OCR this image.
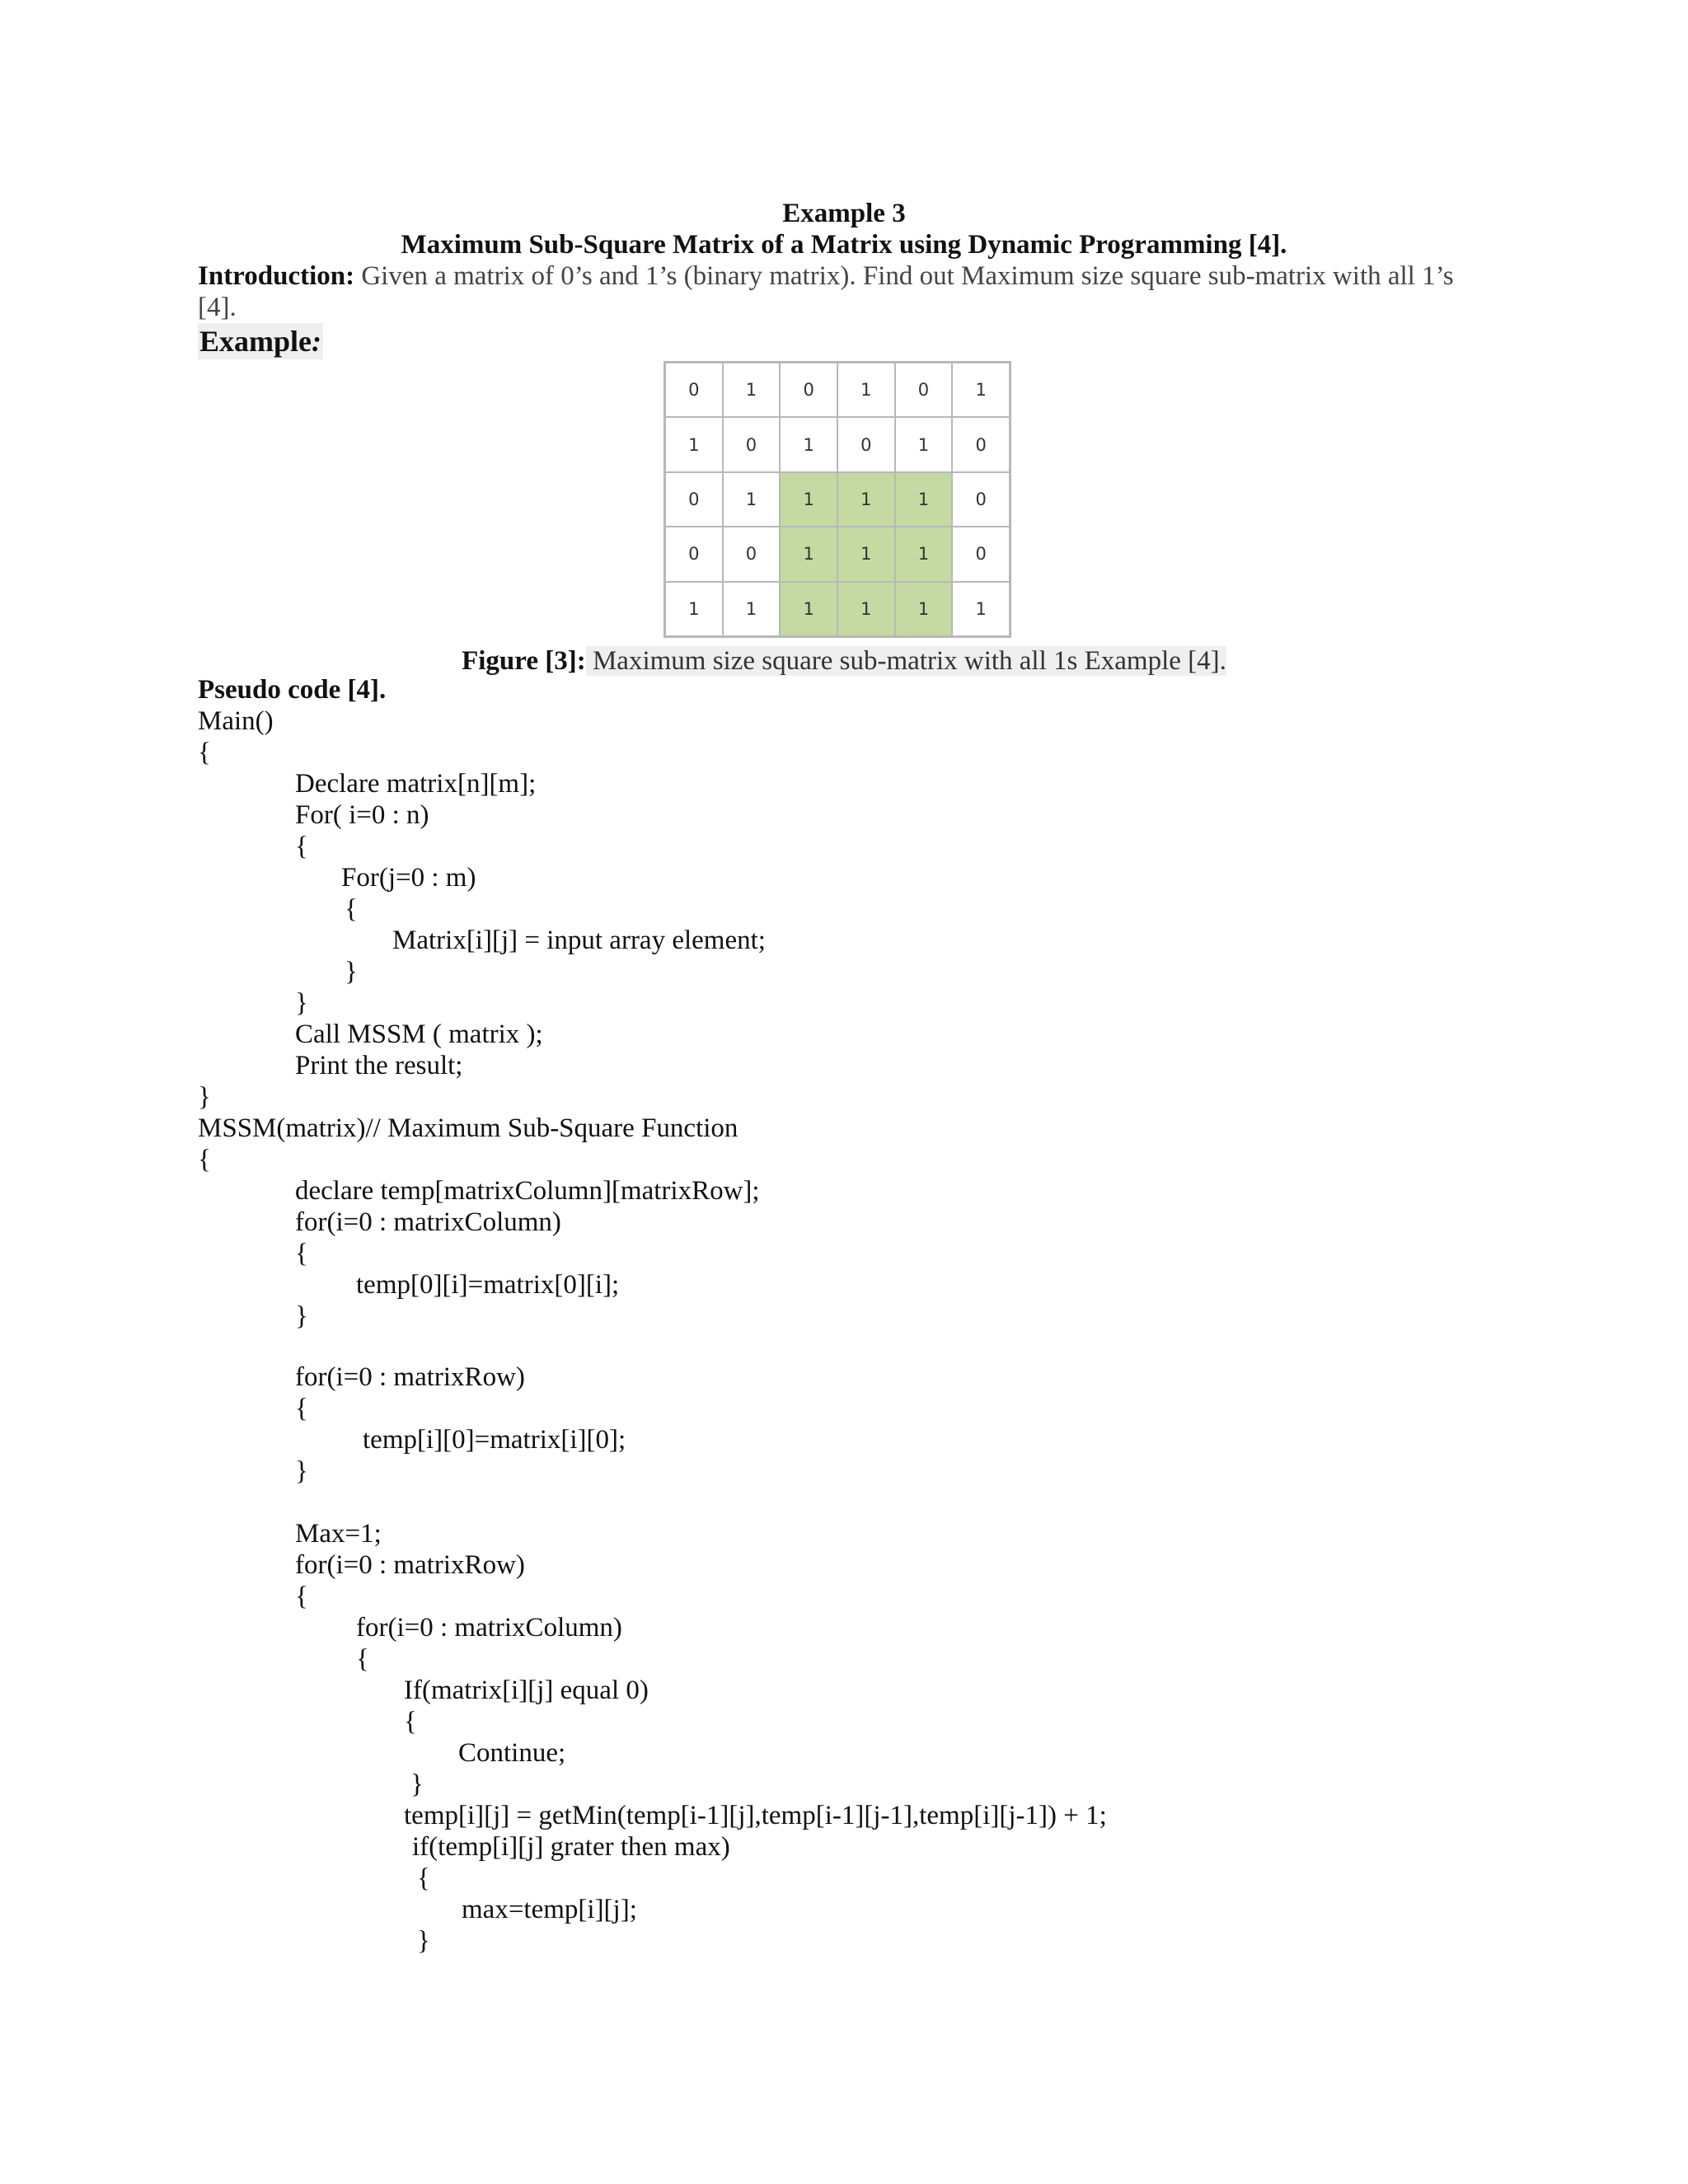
Example 3
Maximum Sub-Square Matrix of a Matrix using Dynamic Programming [4].
Introduction: Given a matrix of 0’s and 1’s (binary matrix). Find out Maximum size square sub-matrix with all 1’s [4].
Example:
0	1	0	1	0	1
1	0	1	0	1	0
0	1	1	1	1	0
0	0	1	1	1	0
1	1	1	1	1	1
Figure [3]: Maximum size square sub-matrix with all 1s Example [4].
Pseudo code [4].
Main()
{
Declare matrix[n][m];
For( i=0 : n)
{
For(j=0 : m)
{
Matrix[i][j] = input array element;
}
}
Call MSSM ( matrix );
Print the result;
}
MSSM(matrix)// Maximum Sub-Square Function
{
declare temp[matrixColumn][matrixRow];
for(i=0 : matrixColumn)
{
temp[0][i]=matrix[0][i];
}
for(i=0 : matrixRow)
{
temp[i][0]=matrix[i][0];
}
Max=1;
for(i=0 : matrixRow)
{
for(i=0 : matrixColumn)
{
If(matrix[i][j] equal 0)
{
Continue;
}
temp[i][j] = getMin(temp[i-1][j],temp[i-1][j-1],temp[i][j-1]) + 1;
if(temp[i][j] grater then max)
{
max=temp[i][j];
}
